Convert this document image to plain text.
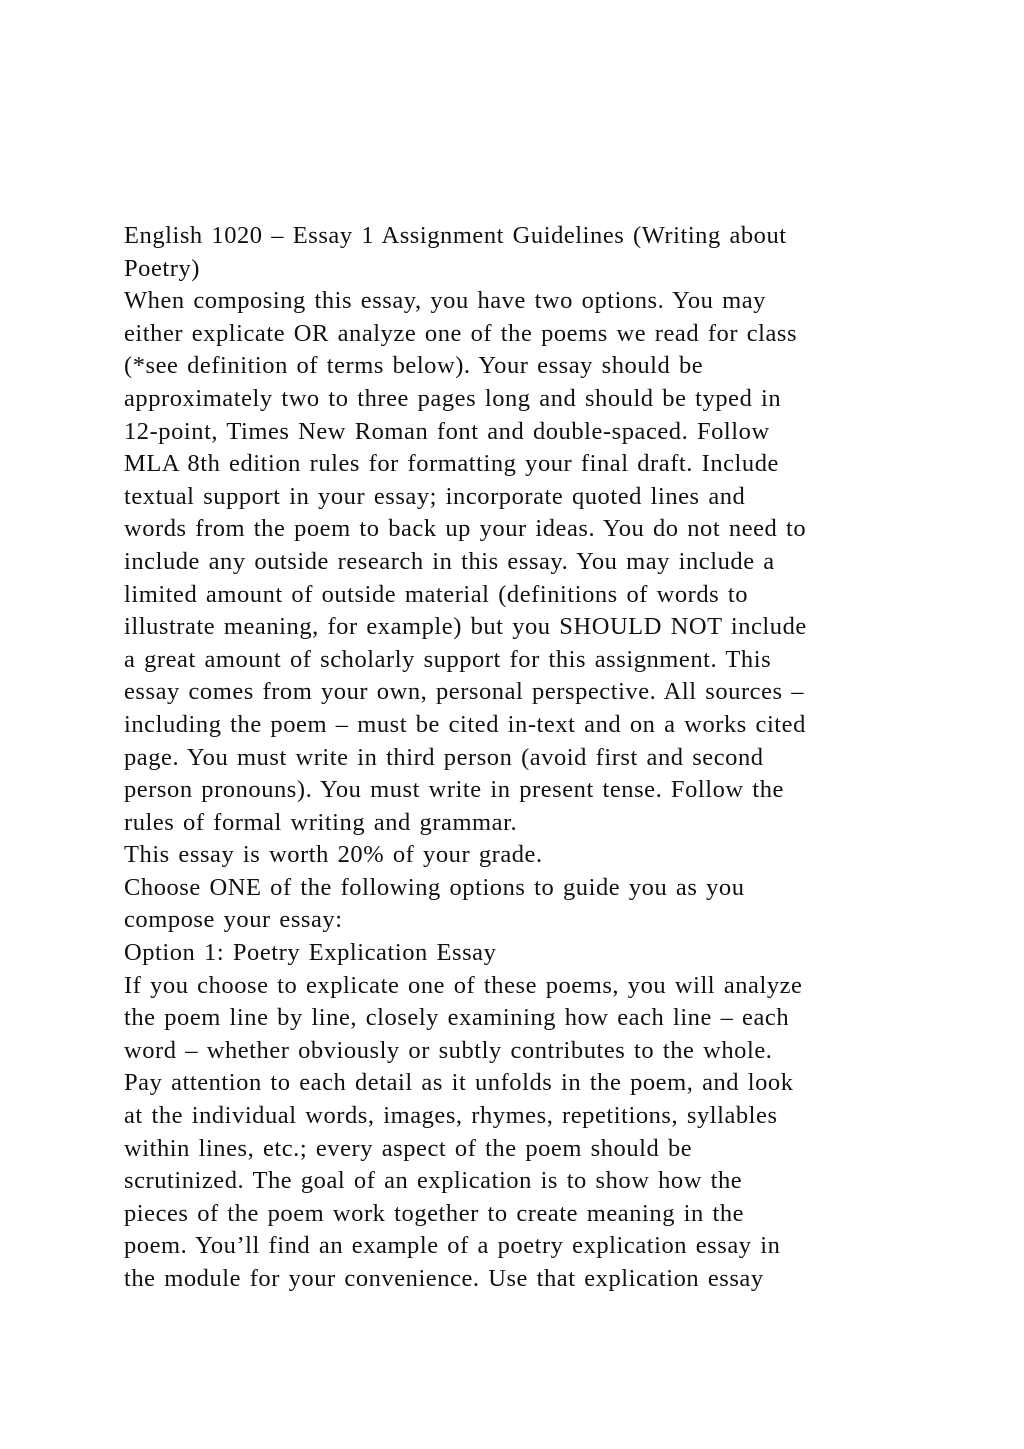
English 1020 – Essay 1 Assignment Guidelines (Writing about
Poetry)
When composing this essay, you have two options. You may
either explicate OR analyze one of the poems we read for class
(*see definition of terms below). Your essay should be
approximately two to three pages long and should be typed in
12-point, Times New Roman font and double-spaced. Follow
MLA 8th edition rules for formatting your final draft. Include
textual support in your essay; incorporate quoted lines and
words from the poem to back up your ideas. You do not need to
include any outside research in this essay. You may include a
limited amount of outside material (definitions of words to
illustrate meaning, for example) but you SHOULD NOT include
a great amount of scholarly support for this assignment. This
essay comes from your own, personal perspective. All sources –
including the poem – must be cited in-text and on a works cited
page. You must write in third person (avoid first and second
person pronouns). You must write in present tense. Follow the
rules of formal writing and grammar.
This essay is worth 20% of your grade.
Choose ONE of the following options to guide you as you
compose your essay:
Option 1: Poetry Explication Essay
If you choose to explicate one of these poems, you will analyze
the poem line by line, closely examining how each line – each
word – whether obviously or subtly contributes to the whole.
Pay attention to each detail as it unfolds in the poem, and look
at the individual words, images, rhymes, repetitions, syllables
within lines, etc.; every aspect of the poem should be
scrutinized. The goal of an explication is to show how the
pieces of the poem work together to create meaning in the
poem. You’ll find an example of a poetry explication essay in
the module for your convenience. Use that explication essay
